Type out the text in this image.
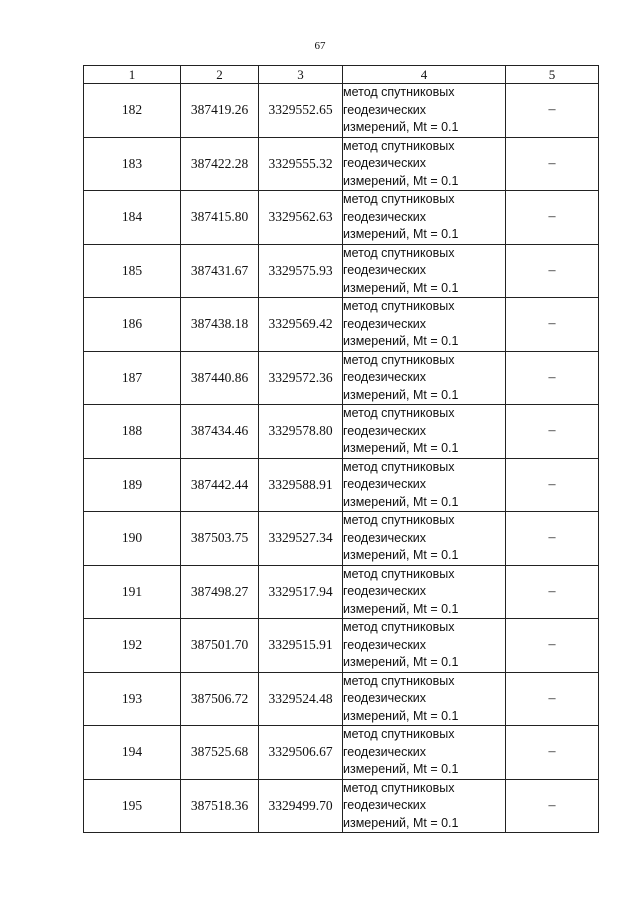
67
1	2	3	4	5
182	387419.26	3329552.65	метод спутниковых
геодезических
измерений, Mt = 0.1	–
183	387422.28	3329555.32	метод спутниковых
геодезических
измерений, Mt = 0.1	–
184	387415.80	3329562.63	метод спутниковых
геодезических
измерений, Mt = 0.1	–
185	387431.67	3329575.93	метод спутниковых
геодезических
измерений, Mt = 0.1	–
186	387438.18	3329569.42	метод спутниковых
геодезических
измерений, Mt = 0.1	–
187	387440.86	3329572.36	метод спутниковых
геодезических
измерений, Mt = 0.1	–
188	387434.46	3329578.80	метод спутниковых
геодезических
измерений, Mt = 0.1	–
189	387442.44	3329588.91	метод спутниковых
геодезических
измерений, Mt = 0.1	–
190	387503.75	3329527.34	метод спутниковых
геодезических
измерений, Mt = 0.1	–
191	387498.27	3329517.94	метод спутниковых
геодезических
измерений, Mt = 0.1	–
192	387501.70	3329515.91	метод спутниковых
геодезических
измерений, Mt = 0.1	–
193	387506.72	3329524.48	метод спутниковых
геодезических
измерений, Mt = 0.1	–
194	387525.68	3329506.67	метод спутниковых
геодезических
измерений, Mt = 0.1	–
195	387518.36	3329499.70	метод спутниковых
геодезических
измерений, Mt = 0.1	–
